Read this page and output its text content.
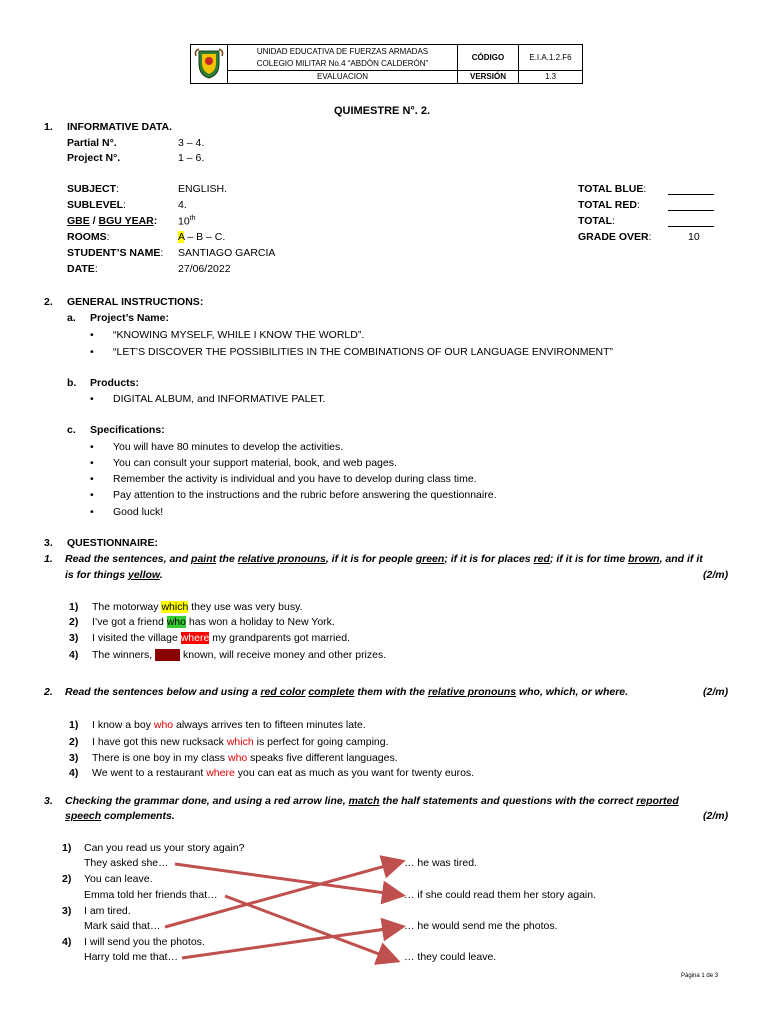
	UNIDAD EDUCATIVA DE FUERZAS ARMADAS	CÓDIGO	E.I.A.1.2.F6
	COLEGIO MILITAR No.4 “ABDÓN CALDERÓN”		
	EVALUACION	VERSIÓN	1.3
QUIMESTRE N°. 2.
1. INFORMATIVE DATA.
Partial N°.	3 – 4.
Project N°.	1 – 6.
SUBJECT:	ENGLISH.
SUBLEVEL:	4.
GBE / BGU YEAR: 10th
ROOMS:	A – B – C.
STUDENT’S NAME: SANTIAGO GARCIA
DATE:	27/06/2022
TOTAL BLUE:
TOTAL RED:
TOTAL:
GRADE OVER:	10
2. GENERAL INSTRUCTIONS:
a. Project’s Name:
• “KNOWING MYSELF, WHILE I KNOW THE WORLD”.
• “LET’S DISCOVER THE POSSIBILITIES IN THE COMBINATIONS OF OUR LANGUAGE ENVIRONMENT”
b. Products:
• DIGITAL ALBUM, and INFORMATIVE PALET.
c. Specifications:
• You will have 80 minutes to develop the activities.
• You can consult your support material, book, and web pages.
• Remember the activity is individual and you have to develop during class time.
• Pay attention to the instructions and the rubric before answering the questionnaire.
• Good luck!
3. QUESTIONNAIRE:
1. Read the sentences, and paint the relative pronouns, if it is for people green; if it is for places red; if it is for time brown, and if it
is for things yellow.	(2/m)
1) The motorway which they use was very busy.
2) I’ve got a friend who has won a holiday to New York.
3) I visited the village where my grandparents got married.
4) The winners, when known, will receive money and other prizes.
2. Read the sentences below and using a red color complete them with the relative pronouns who, which, or where.	(2/m)
1) I know a boy who always arrives ten to fifteen minutes late.
2) I have got this new rucksack which is perfect for going camping.
3) There is one boy in my class who speaks five different languages.
4) We went to a restaurant where you can eat as much as you want for twenty euros.
3. Checking the grammar done, and using a red arrow line, match the half statements and questions with the correct reported
speech complements.	(2/m)
1) Can you read us your story again?
They asked she…
2) You can leave.
Emma told her friends that…
3) I am tired.
Mark said that…
4) I will send you the photos.
Harry told me that…
… he was tired.
… if she could read them her story again.
… he would send me the photos.
… they could leave.
Página 1 de 3
